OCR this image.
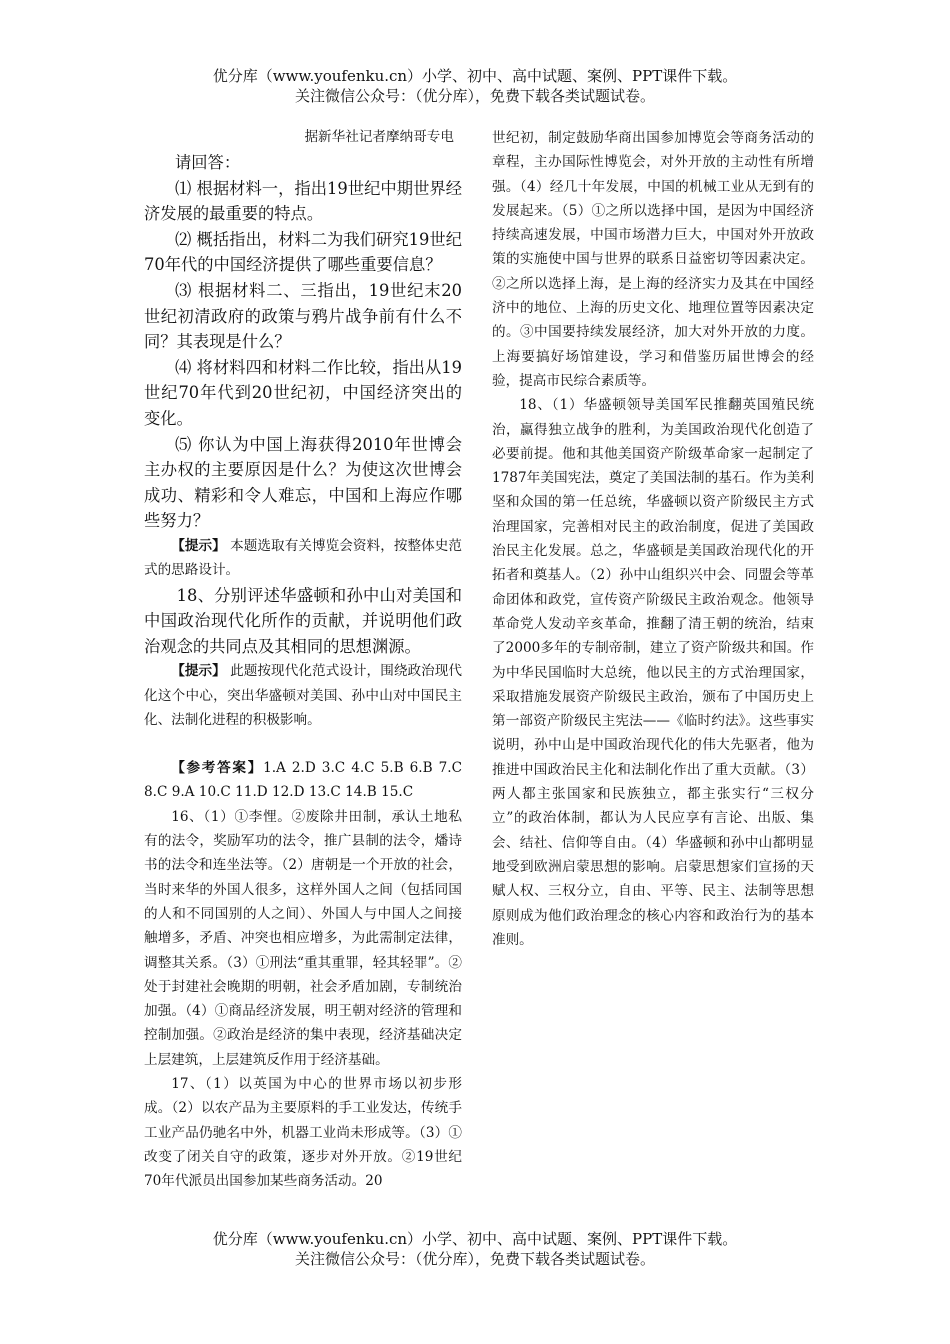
优分库（www.youfenku.cn）小学、初中、高中试题、案例、PPT课件下载。
关注微信公众号：（优分库），免费下载各类试题试卷。

据新华社记者摩纳哥专电

请回答：

⑴ 根据材料一，指出19世纪中期世界经济发展的最重要的特点。

⑵ 概括指出，材料二为我们研究19世纪70年代的中国经济提供了哪些重要信息？

⑶ 根据材料二、三指出，19世纪末20世纪初清政府的政策与鸦片战争前有什么不同？其表现是什么？

⑷ 将材料四和材料二作比较，指出从19世纪70年代到20世纪初，中国经济突出的变化。

⑸ 你认为中国上海获得2010年世博会主办权的主要原因是什么？为使这次世博会成功、精彩和令人难忘，中国和上海应作哪些努力？

【提示】 本题选取有关博览会资料，按整体史范式的思路设计。

18、分别评述华盛顿和孙中山对美国和中国政治现代化所作的贡献，并说明他们政治观念的共同点及其相同的思想渊源。

【提示】 此题按现代化范式设计，围绕政治现代化这个中心，突出华盛顿对美国、孙中山对中国民主化、法制化进程的积极影响。

【参考答案】1.A 2.D 3.C 4.C 5.B 6.B 7.C 8.C 9.A 10.C 11.D 12.D 13.C 14.B 15.C

16、（1）①李悝。②废除井田制，承认土地私有的法令，奖励军功的法令，推广县制的法令，燔诗书的法令和连坐法等。（2）唐朝是一个开放的社会，当时来华的外国人很多，这样外国人之间（包括同国的人和不同国别的人之间）、外国人与中国人之间接触增多，矛盾、冲突也相应增多，为此需制定法律，调整其关系。（3）①刑法“重其重罪，轻其轻罪”。②处于封建社会晚期的明朝，社会矛盾加剧，专制统治加强。（4）①商品经济发展，明王朝对经济的管理和控制加强。②政治是经济的集中表现，经济基础决定上层建筑，上层建筑反作用于经济基础。

17、（1）以英国为中心的世界市场以初步形成。（2）以农产品为主要原料的手工业发达，传统手工业产品仍驰名中外，机器工业尚未形成等。（3）①改变了闭关自守的政策，逐步对外开放。②19世纪70年代派员出国参加某些商务活动。20

世纪初，制定鼓励华商出国参加博览会等商务活动的章程，主办国际性博览会，对外开放的主动性有所增强。（4）经几十年发展，中国的机械工业从无到有的发展起来。（5）①之所以选择中国，是因为中国经济持续高速发展，中国市场潜力巨大，中国对外开放政策的实施使中国与世界的联系日益密切等因素决定。②之所以选择上海，是上海的经济实力及其在中国经济中的地位、上海的历史文化、地理位置等因素决定的。③中国要持续发展经济，加大对外开放的力度。上海要搞好场馆建设，学习和借鉴历届世博会的经验，提高市民综合素质等。

18、（1）华盛顿领导美国军民推翻英国殖民统治，赢得独立战争的胜利，为美国政治现代化创造了必要前提。他和其他美国资产阶级革命家一起制定了1787年美国宪法，奠定了美国法制的基石。作为美利坚和众国的第一任总统，华盛顿以资产阶级民主方式治理国家，完善相对民主的政治制度，促进了美国政治民主化发展。总之，华盛顿是美国政治现代化的开拓者和奠基人。（2）孙中山组织兴中会、同盟会等革命团体和政党，宣传资产阶级民主政治观念。他领导革命党人发动辛亥革命，推翻了清王朝的统治，结束了2000多年的专制帝制，建立了资产阶级共和国。作为中华民国临时大总统，他以民主的方式治理国家，采取措施发展资产阶级民主政治，颁布了中国历史上第一部资产阶级民主宪法——《临时约法》。这些事实说明，孙中山是中国政治现代化的伟大先驱者，他为推进中国政治民主化和法制化作出了重大贡献。（3）两人都主张国家和民族独立，都主张实行“三权分立”的政治体制，都认为人民应享有言论、出版、集会、结社、信仰等自由。（4）华盛顿和孙中山都明显地受到欧洲启蒙思想的影响。启蒙思想家们宣扬的天赋人权、三权分立，自由、平等、民主、法制等思想原则成为他们政治理念的核心内容和政治行为的基本准则。

优分库（www.youfenku.cn）小学、初中、高中试题、案例、PPT课件下载。
关注微信公众号：（优分库），免费下载各类试题试卷。
